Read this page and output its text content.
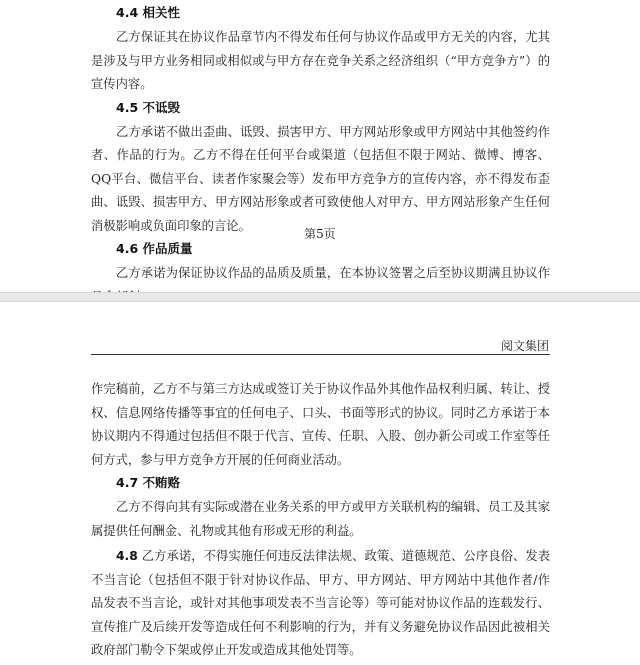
4.4 相关性
乙方保证其在协议作品章节内不得发布任何与协议作品或甲方无关的内容，尤其是涉及与甲方业务相同或相似或与甲方存在竞争关系之经济组织（“甲方竞争方”）的宣传内容。
4.5 不诋毁
乙方承诺不做出歪曲、诋毁、损害甲方、甲方网站形象或甲方网站中其他签约作者、作品的行为。乙方不得在任何平台或渠道（包括但不限于网站、微博、博客、QQ平台、微信平台、读者作家聚会等）发布甲方竞争方的宣传内容，亦不得发布歪曲、诋毁、损害甲方、甲方网站形象或者可致使他人对甲方、甲方网站形象产生任何消极影响或负面印象的言论。
4.6 作品质量
乙方承诺为保证协议作品的品质及质量，在本协议签署之后至协议期满且协议作
第5页
阅文集团
作完稿前，乙方不与第三方达成或签订关于协议作品外其他作品权利归属、转让、授权、信息网络传播等事宜的任何电子、口头、书面等形式的协议。同时乙方承诺于本协议期内不得通过包括但不限于代言、宣传、任职、入股、创办新公司或工作室等任何方式，参与甲方竞争方开展的任何商业活动。
4.7 不贿赂
乙方不得向其有实际或潜在业务关系的甲方或甲方关联机构的编辑、员工及其家属提供任何酬金、礼物或其他有形或无形的利益。
4.8 乙方承诺，不得实施任何违反法律法规、政策、道德规范、公序良俗、发表不当言论（包括但不限于针对协议作品、甲方、甲方网站、甲方网站中其他作者/作品发表不当言论，或针对其他事项发表不当言论等）等可能对协议作品的连载发行、宣传推广及后续开发等造成任何不利影响的行为，并有义务避免协议作品因此被相关政府部门勒令下架或停止开发或造成其他处罚等。
